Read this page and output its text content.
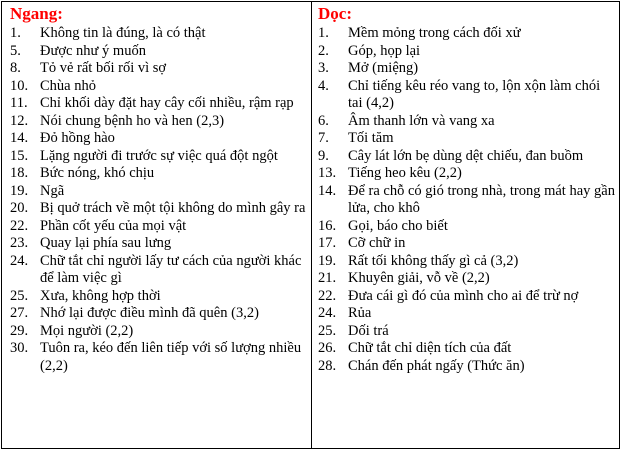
Ngang:
1. Không tin là đúng, là có thật
5. Được như ý muốn
8. Tỏ vẻ rất bối rối vì sợ
10. Chùa nhỏ
11. Chỉ khối dày đặt hay cây cối nhiều, rậm rạp
12. Nói chung bệnh ho và hen (2,3)
14. Đỏ hồng hào
15. Lặng người đi trước sự việc quá đột ngột
18. Bức nóng, khó chịu
19. Ngã
20. Bị quở trách về một tội không do mình gây ra
22. Phần cốt yếu của mọi vật
23. Quay lại phía sau lưng
24. Chữ tắt chỉ người lấy tư cách của người khác để làm việc gì
25. Xưa, không hợp thời
27. Nhớ lại được điều mình đã quên (3,2)
29. Mọi người (2,2)
30. Tuôn ra, kéo đến liên tiếp với số lượng nhiều (2,2)
Dọc:
1. Mềm mỏng trong cách đối xử
2. Góp, họp lại
3. Mở (miệng)
4. Chỉ tiếng kêu réo vang to, lộn xộn làm chói tai (4,2)
6. Âm thanh lớn và vang xa
7. Tối tăm
9. Cây lát lớn bẹ dùng dệt chiếu, đan buồm
13. Tiếng heo kêu (2,2)
14. Để ra chỗ có gió trong nhà, trong mát hay gần lửa, cho khô
16. Gọi, báo cho biết
17. Cỡ chữ in
19. Rất tối không thấy gì cả (3,2)
21. Khuyên giải, vỗ về (2,2)
22. Đưa cái gì đó của mình cho ai để trừ nợ
24. Rủa
25. Dối trá
26. Chữ tắt chỉ diện tích của đất
28. Chán đến phát ngấy (Thức ăn)
